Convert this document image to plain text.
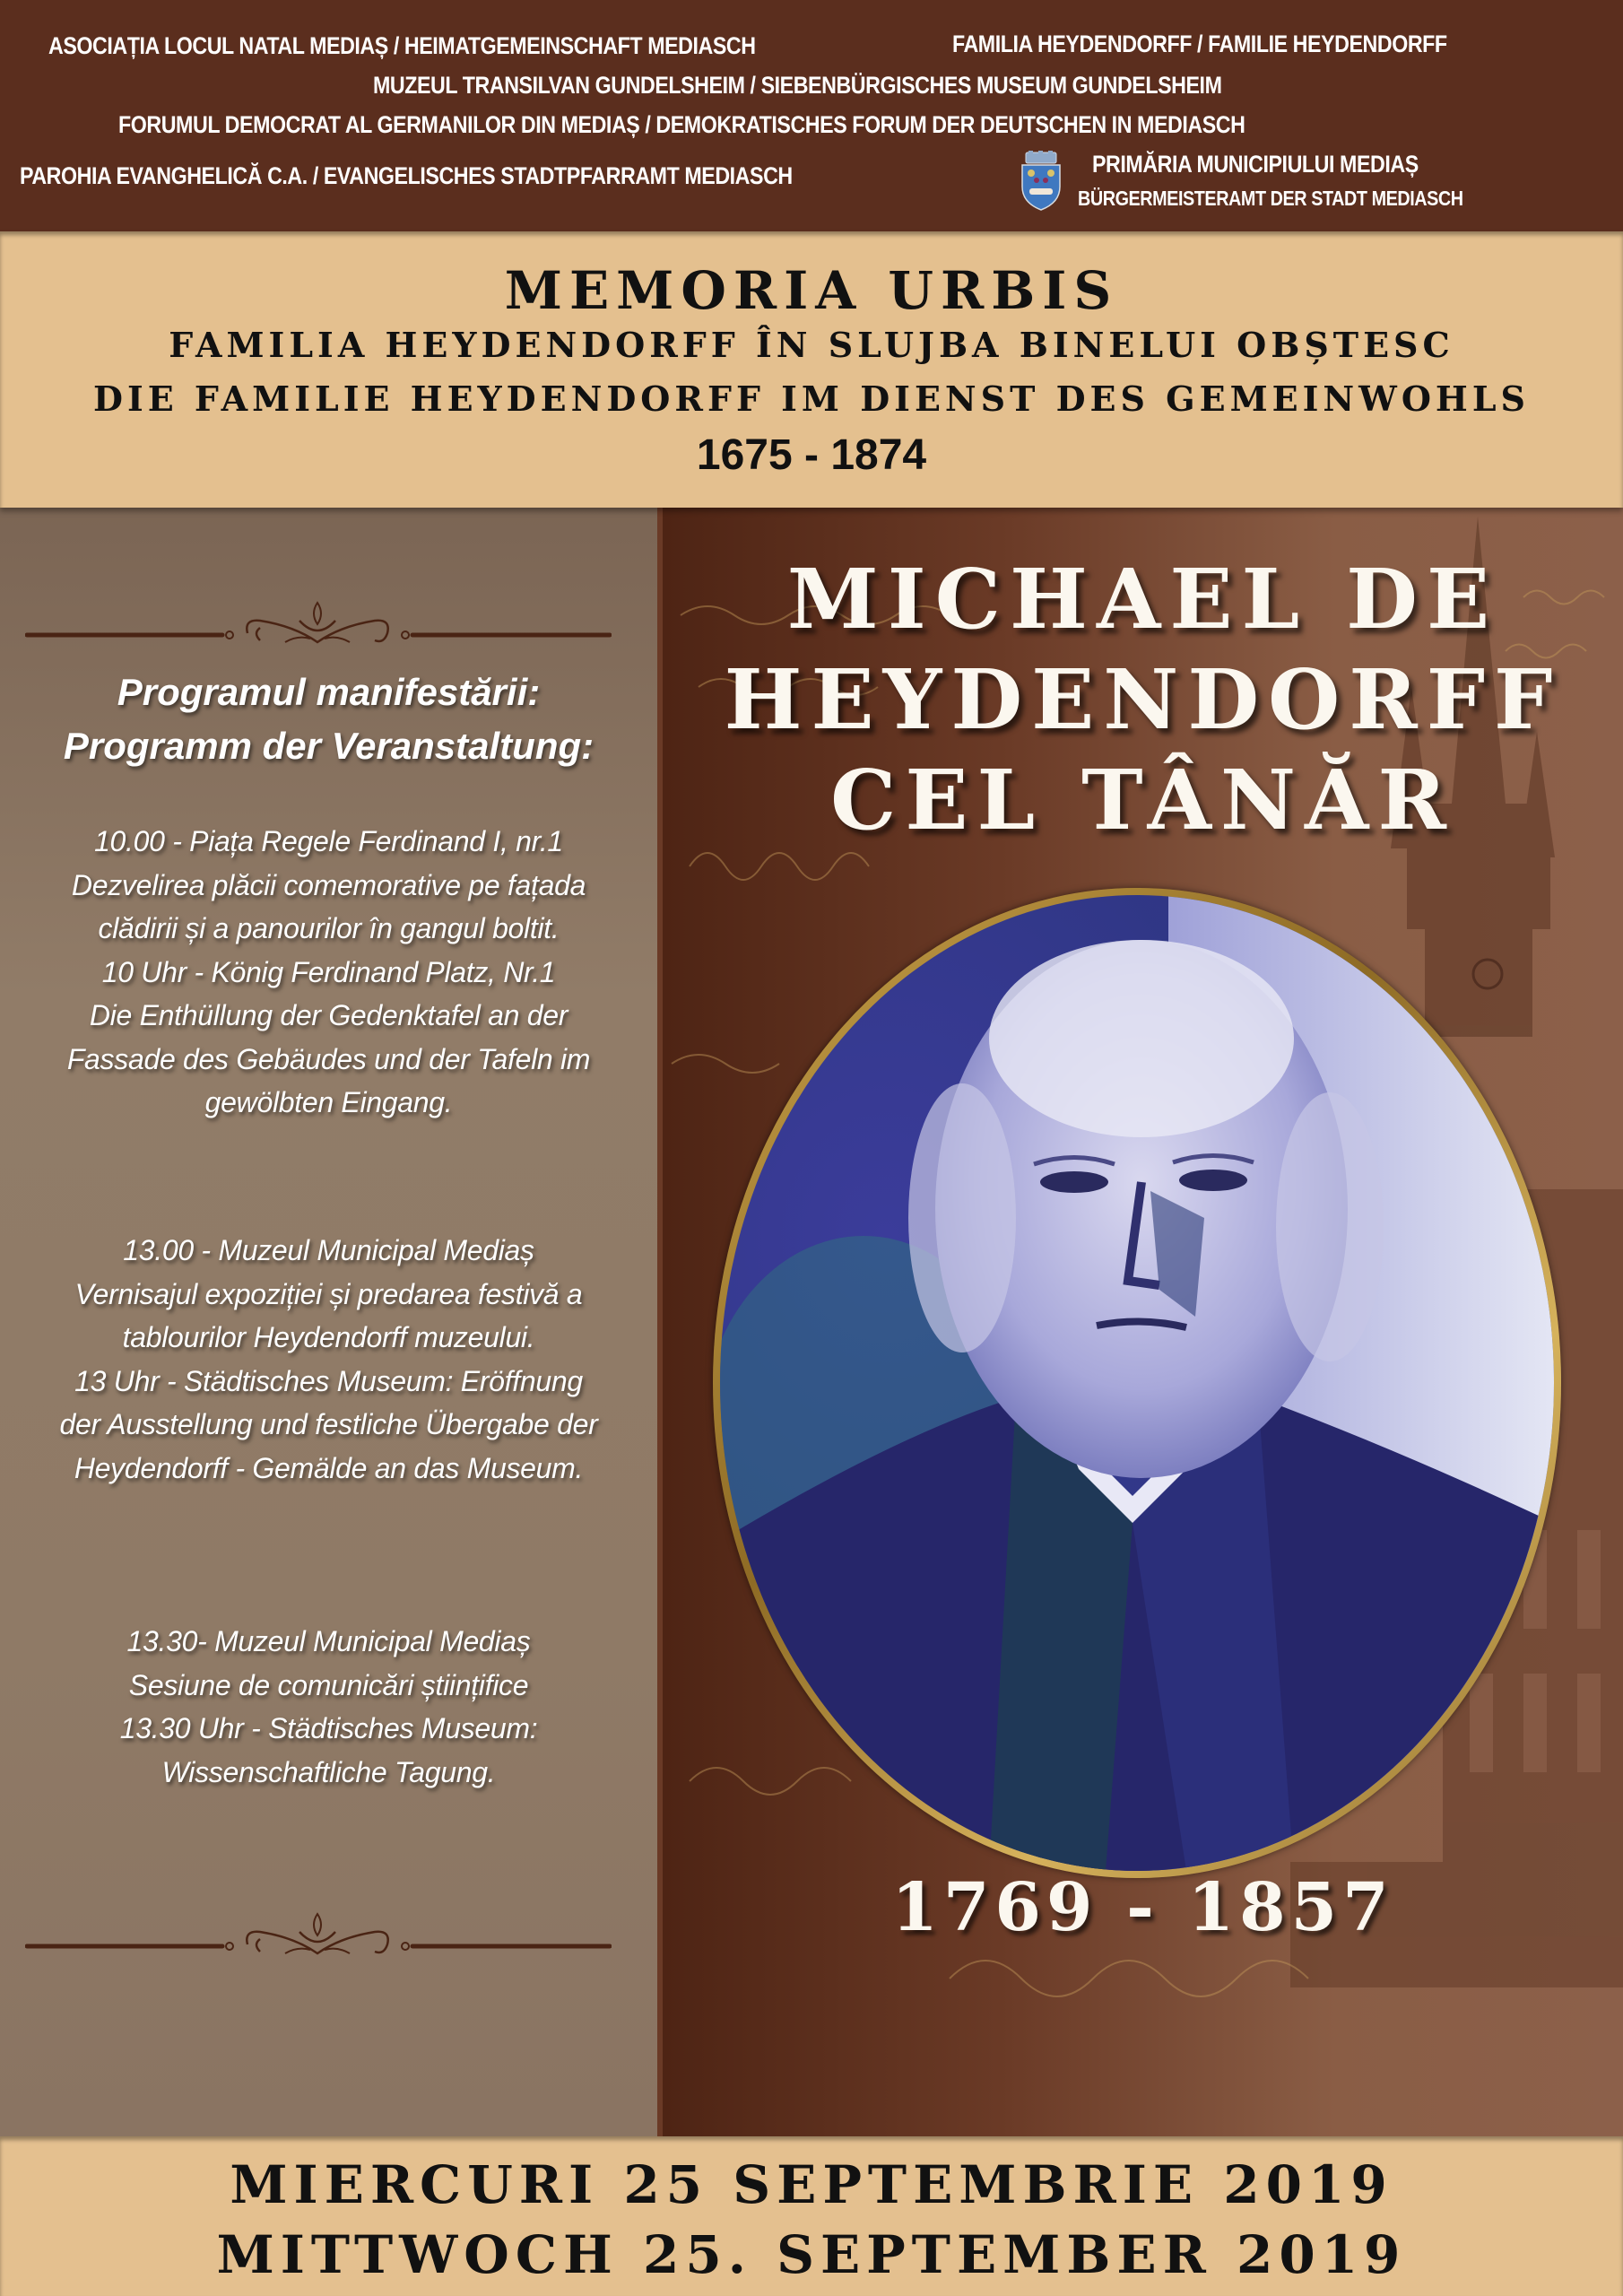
ASOCIAȚIA LOCUL NATAL MEDIAȘ / HEIMATGEMEINSCHAFT MEDIASCH	FAMILIA HEYDENDORFF / FAMILIE HEYDENDORFF
MUZEUL TRANSILVAN GUNDELSHEIM / SIEBENBÜRGISCHES MUSEUM GUNDELSHEIM
FORUMUL DEMOCRAT AL GERMANILOR DIN MEDIAȘ / DEMOKRATISCHES FORUM DER DEUTSCHEN IN MEDIASCH
PAROHIA EVANGHELICĂ C.A. / EVANGELISCHES STADTPFARRAMT MEDIASCH	PRIMĂRIA MUNICIPIULUI MEDIAȘ
BÜRGERMEISTERAMT DER STADT MEDIASCH
MEMORIA URBIS
FAMILIA HEYDENDORFF ÎN SLUJBA BINELUI OBȘTESC
DIE FAMILIE HEYDENDORFF IM DIENST DES GEMEINWOHLS
1675 - 1874
Programul manifestării:
Programm der Veranstaltung:
10.00 - Piața Regele Ferdinand I, nr.1
Dezvelirea plăcii comemorative pe fațada
clădirii și a panourilor în gangul boltit.
10 Uhr - König Ferdinand Platz, Nr.1
Die Enthüllung der Gedenktafel an der
Fassade des Gebäudes und der Tafeln im
gewölbten Eingang.
13.00 - Muzeul Municipal Mediaș
Vernisajul expoziției și predarea festivă a
tablourilor Heydendorff muzeului.
13 Uhr - Städtisches Museum: Eröffnung
der Ausstellung und festliche Übergabe der
Heydendorff - Gemälde an das Museum.
13.30- Muzeul Municipal Mediaș
Sesiune de comunicări științifice
13.30 Uhr - Städtisches Museum:
Wissenschaftliche Tagung.
MICHAEL DE
HEYDENDORFF
CEL TÂNĂR
1769 - 1857
MIERCURI 25 SEPTEMBRIE 2019
MITTWOCH 25. SEPTEMBER 2019
